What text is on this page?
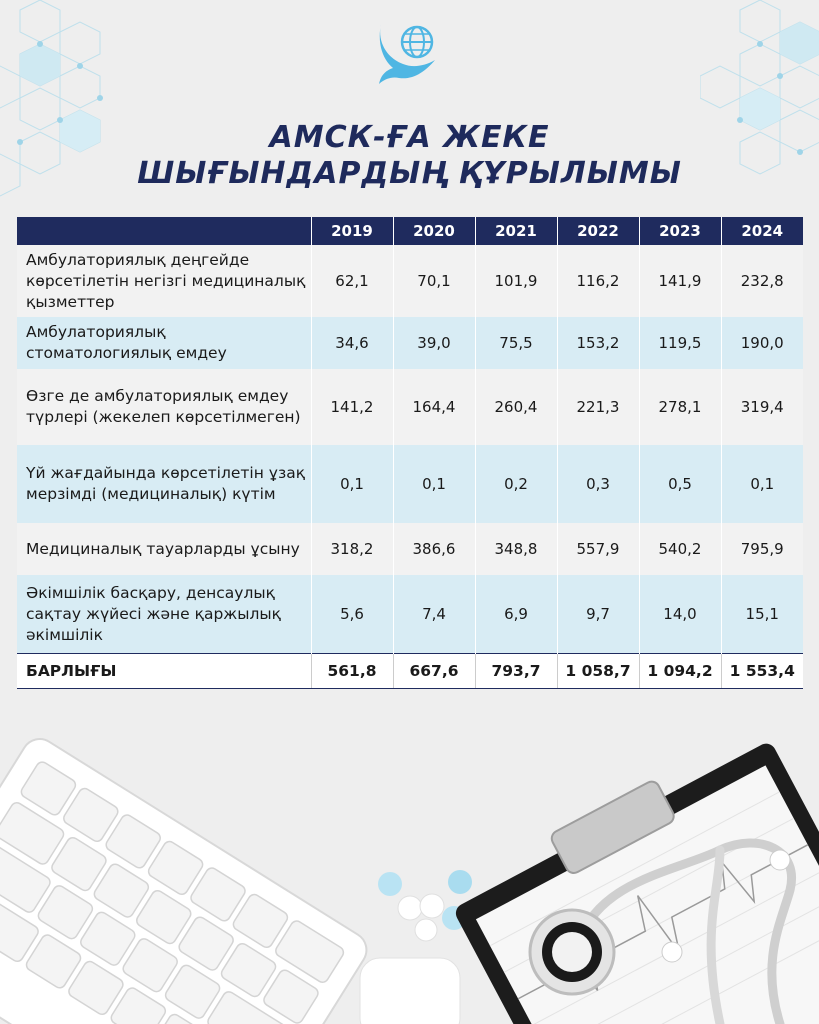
АМСК-ҒА ЖЕКЕ
ШЫҒЫНДАРДЫҢ ҚҰРЫЛЫМЫ
	2019	2020	2021	2022	2023	2024
Амбулаториялық деңгейде көрсетілетін негізгі медициналық қызметтер	62,1	70,1	101,9	116,2	141,9	232,8
Амбулаториялық стоматологиялық емдеу	34,6	39,0	75,5	153,2	119,5	190,0
Өзге де амбулаториялық емдеу түрлері (жекелеп көрсетілмеген)	141,2	164,4	260,4	221,3	278,1	319,4
Үй жағдайында көрсетілетін ұзақ мерзімді (медициналық) күтім	0,1	0,1	0,2	0,3	0,5	0,1
Медициналық тауарларды ұсыну	318,2	386,6	348,8	557,9	540,2	795,9
Әкімшілік басқару, денсаулық сақтау жүйесі және қаржылық әкімшілік	5,6	7,4	6,9	9,7	14,0	15,1
БАРЛЫҒЫ	561,8	667,6	793,7	1 058,7	1 094,2	1 553,4
